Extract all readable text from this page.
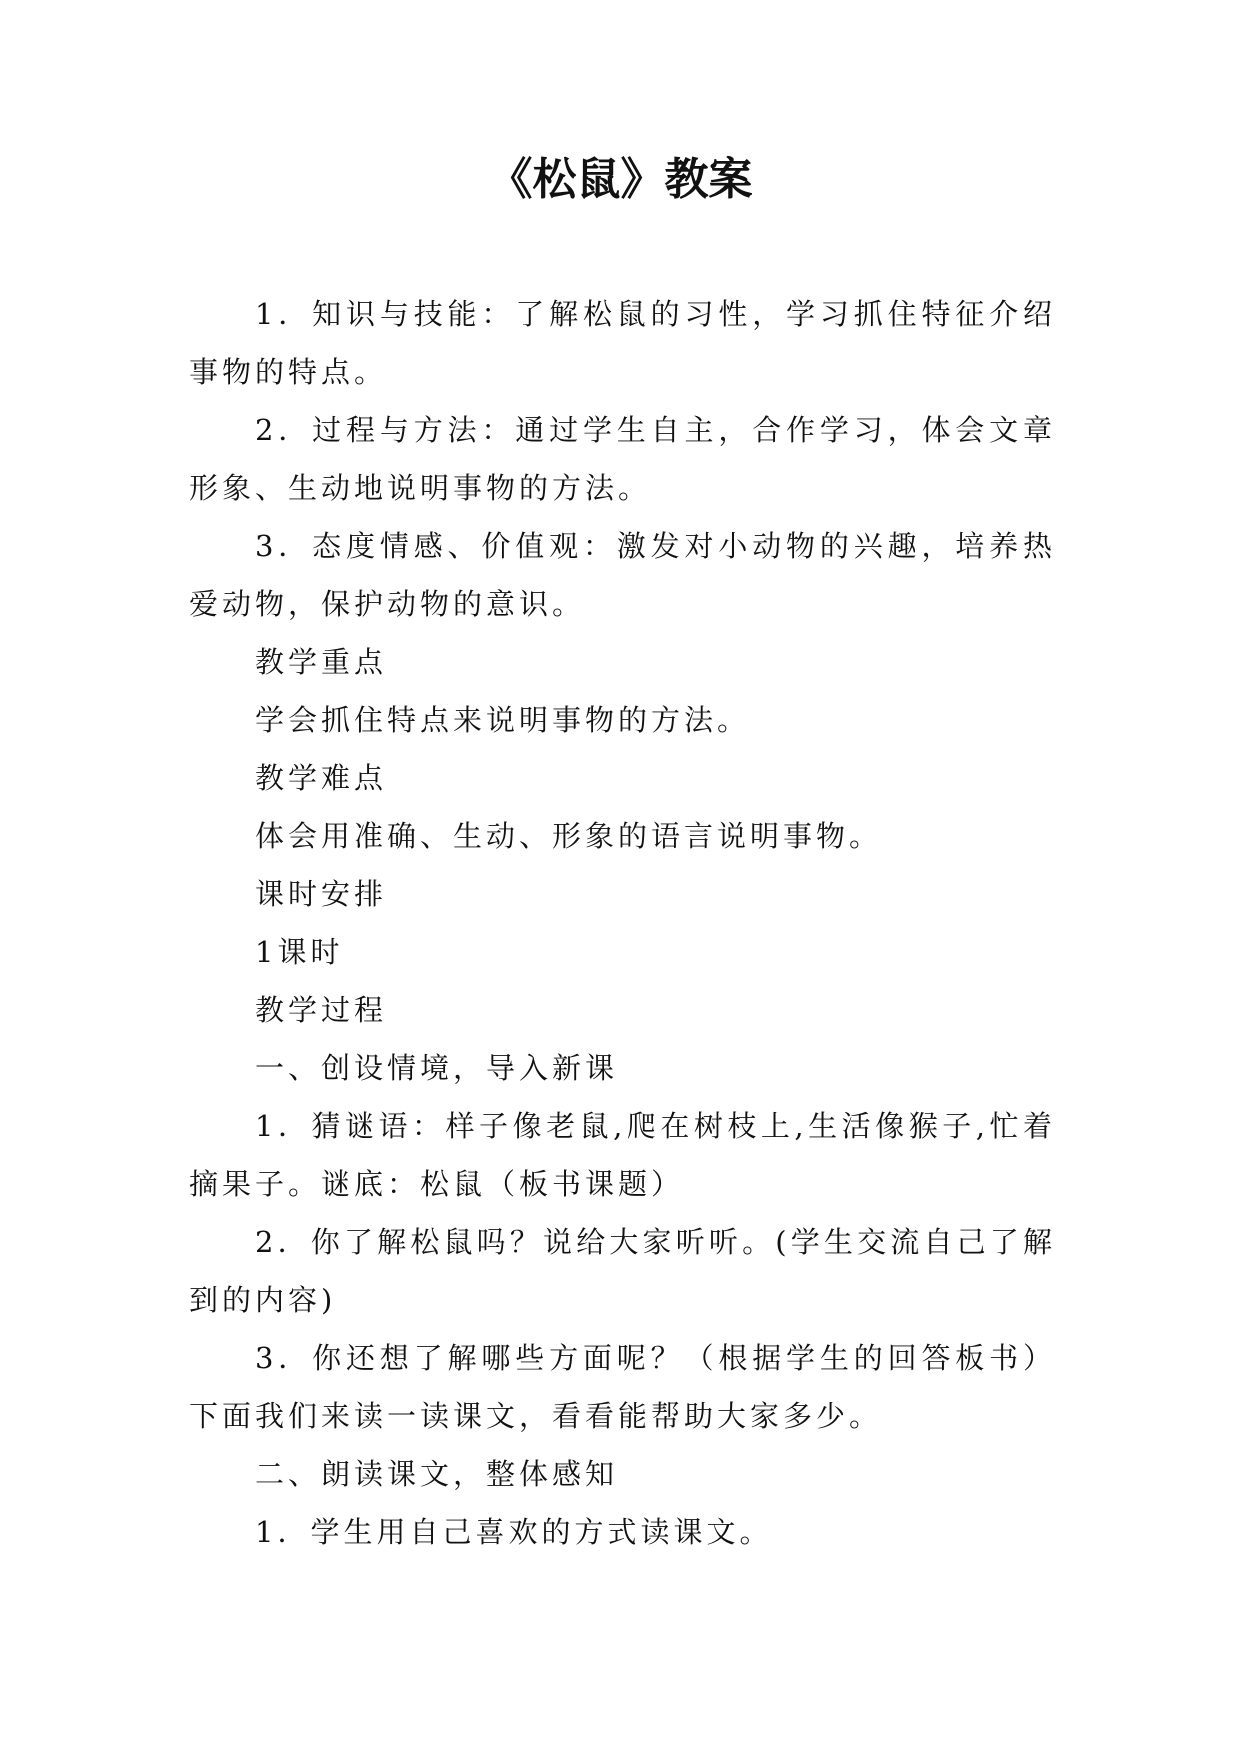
《松鼠》教案

1．知识与技能：了解松鼠的习性，学习抓住特征介绍事物的特点。

2．过程与方法：通过学生自主，合作学习，体会文章形象、生动地说明事物的方法。

3．态度情感、价值观：激发对小动物的兴趣，培养热爱动物，保护动物的意识。

教学重点

学会抓住特点来说明事物的方法。

教学难点

体会用准确、生动、形象的语言说明事物。

课时安排

1课时

教学过程

一、创设情境，导入新课

1．猜谜语：样子像老鼠,爬在树枝上,生活像猴子,忙着摘果子。谜底：松鼠（板书课题）

2．你了解松鼠吗？说给大家听听。(学生交流自己了解到的内容)

3．你还想了解哪些方面呢？（根据学生的回答板书）下面我们来读一读课文，看看能帮助大家多少。

二、朗读课文，整体感知

1．学生用自己喜欢的方式读课文。
